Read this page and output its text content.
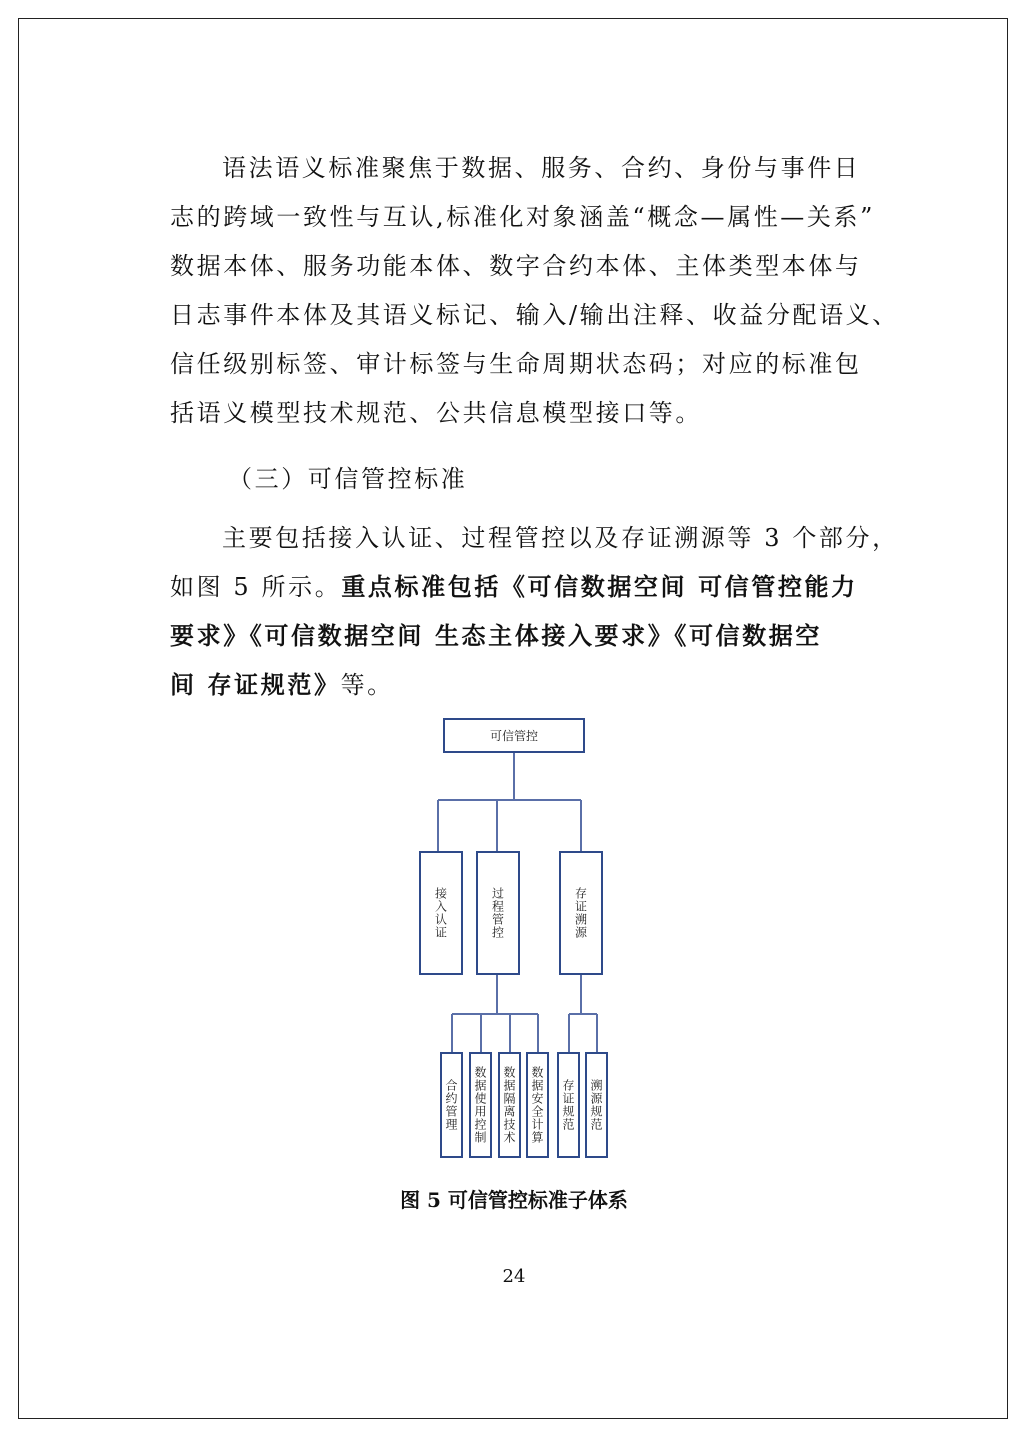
语法语义标准聚焦于数据、服务、合约、身份与事件日
志的跨域一致性与互认,标准化对象涵盖“概念—属性—关系”
数据本体、服务功能本体、数字合约本体、主体类型本体与
日志事件本体及其语义标记、输入/输出注释、收益分配语义、
信任级别标签、审计标签与生命周期状态码；对应的标准包
括语义模型技术规范、公共信息模型接口等。
（三）可信管控标准
主要包括接入认证、过程管控以及存证溯源等 3 个部分，
如图 5 所示。重点标准包括《可信数据空间 可信管控能力
要求》《可信数据空间 生态主体接入要求》《可信数据空
间 存证规范》等。
可信管控
接入认证	过程管控	存证溯源
合约管理 数据使用控制 数据隔离技术 数据安全计算 存证规范 溯源规范
图 5 可信管控标准子体系
24
